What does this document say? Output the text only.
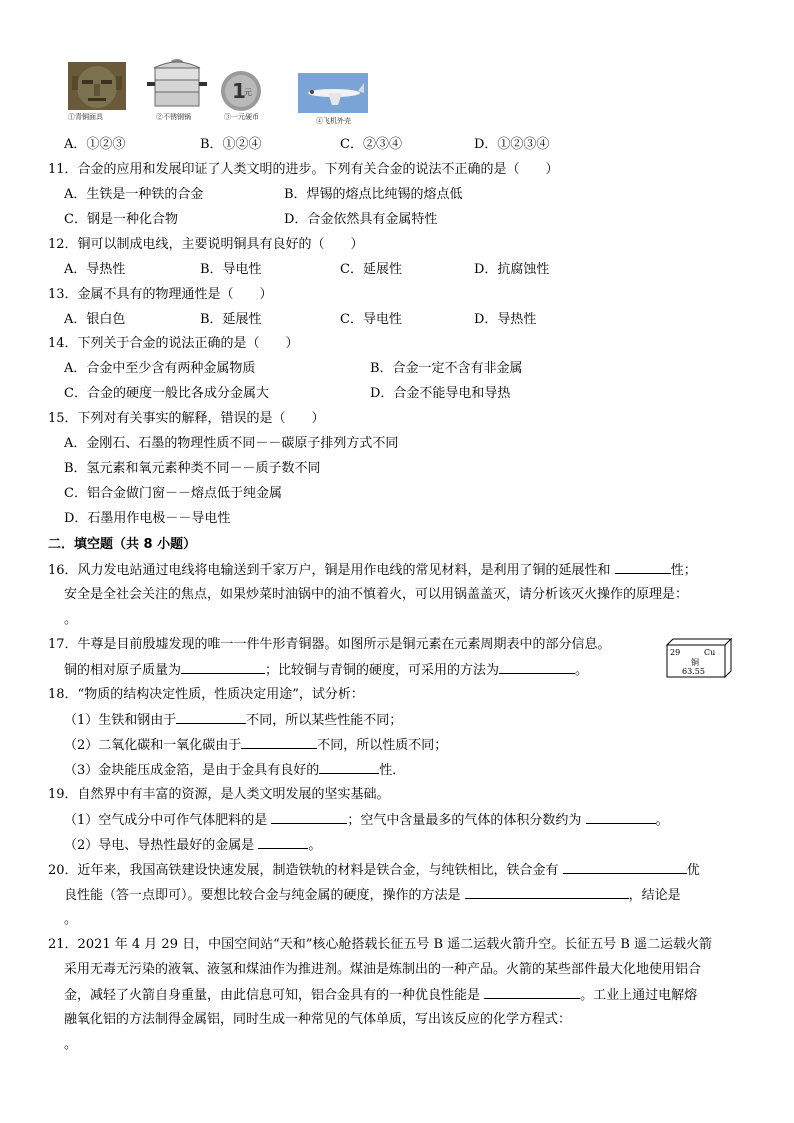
①青铜面具	②不锈钢锅
1
元
③一元硬币	④飞机外壳
A．①②③	B．①②④	C．②③④	D．①②③④
11．合金的应用和发展印证了人类文明的进步。下列有关合金的说法不正确的是（　　）
A．生铁是一种铁的合金	B．焊锡的熔点比纯锡的熔点低
C．钢是一种化合物	D．合金依然具有金属特性
12．铜可以制成电线，主要说明铜具有良好的（　　）
A．导热性	B．导电性	C．延展性	D．抗腐蚀性
13．金属不具有的物理通性是（　　）
A．银白色	B．延展性	C．导电性	D．导热性
14．下列关于合金的说法正确的是（　　）
A．合金中至少含有两种金属物质	B．合金一定不含有非金属
C．合金的硬度一般比各成分金属大	D．合金不能导电和导热
15．下列对有关事实的解释，错误的是（　　）
A．金刚石、石墨的物理性质不同－－碳原子排列方式不同
B．氢元素和氧元素种类不同－－质子数不同
C．铝合金做门窗－－熔点低于纯金属
D．石墨用作电极－－导电性
二．填空题（共 8 小题）
16．风力发电站通过电线将电输送到千家万户，铜是用作电线的常见材料，是利用了铜的延展性和	性；
安全是全社会关注的焦点，如果炒菜时油锅中的油不慎着火，可以用锅盖盖灭，请分析该灭火操作的原理是：
。
17．牛尊是目前殷墟发现的唯一一件牛形青铜器。如图所示是铜元素在元素周期表中的部分信息。
铜的相对原子质量为	；比较铜与青铜的硬度，可采用的方法为	。
29	Cu
铜
63.55
18．“物质的结构决定性质，性质决定用途”，试分析：
（1）生铁和钢由于	不同，所以某些性能不同；
（2）二氧化碳和一氧化碳由于	不同，所以性质不同；
（3）金块能压成金箔，是由于金具有良好的	性．
19．自然界中有丰富的资源，是人类文明发展的坚实基础。
（1）空气成分中可作气体肥料的是	；空气中含量最多的气体的体积分数约为	。
（2）导电、导热性最好的金属是	。
20．近年来，我国高铁建设快速发展，制造铁轨的材料是铁合金，与纯铁相比，铁合金有	优
良性能（答一点即可）。要想比较合金与纯金属的硬度，操作的方法是	，结论是
。
21．2021 年 4 月 29 日，中国空间站“天和”核心舱搭载长征五号 B 遥二运载火箭升空。长征五号 B 遥二运载火箭
采用无毒无污染的液氧、液氢和煤油作为推进剂。煤油是炼制出的一种产品。火箭的某些部件最大化地使用铝合
金，减轻了火箭自身重量，由此信息可知，铝合金具有的一种优良性能是	。工业上通过电解熔
融氧化铝的方法制得金属铝，同时生成一种常见的气体单质，写出该反应的化学方程式：
。
